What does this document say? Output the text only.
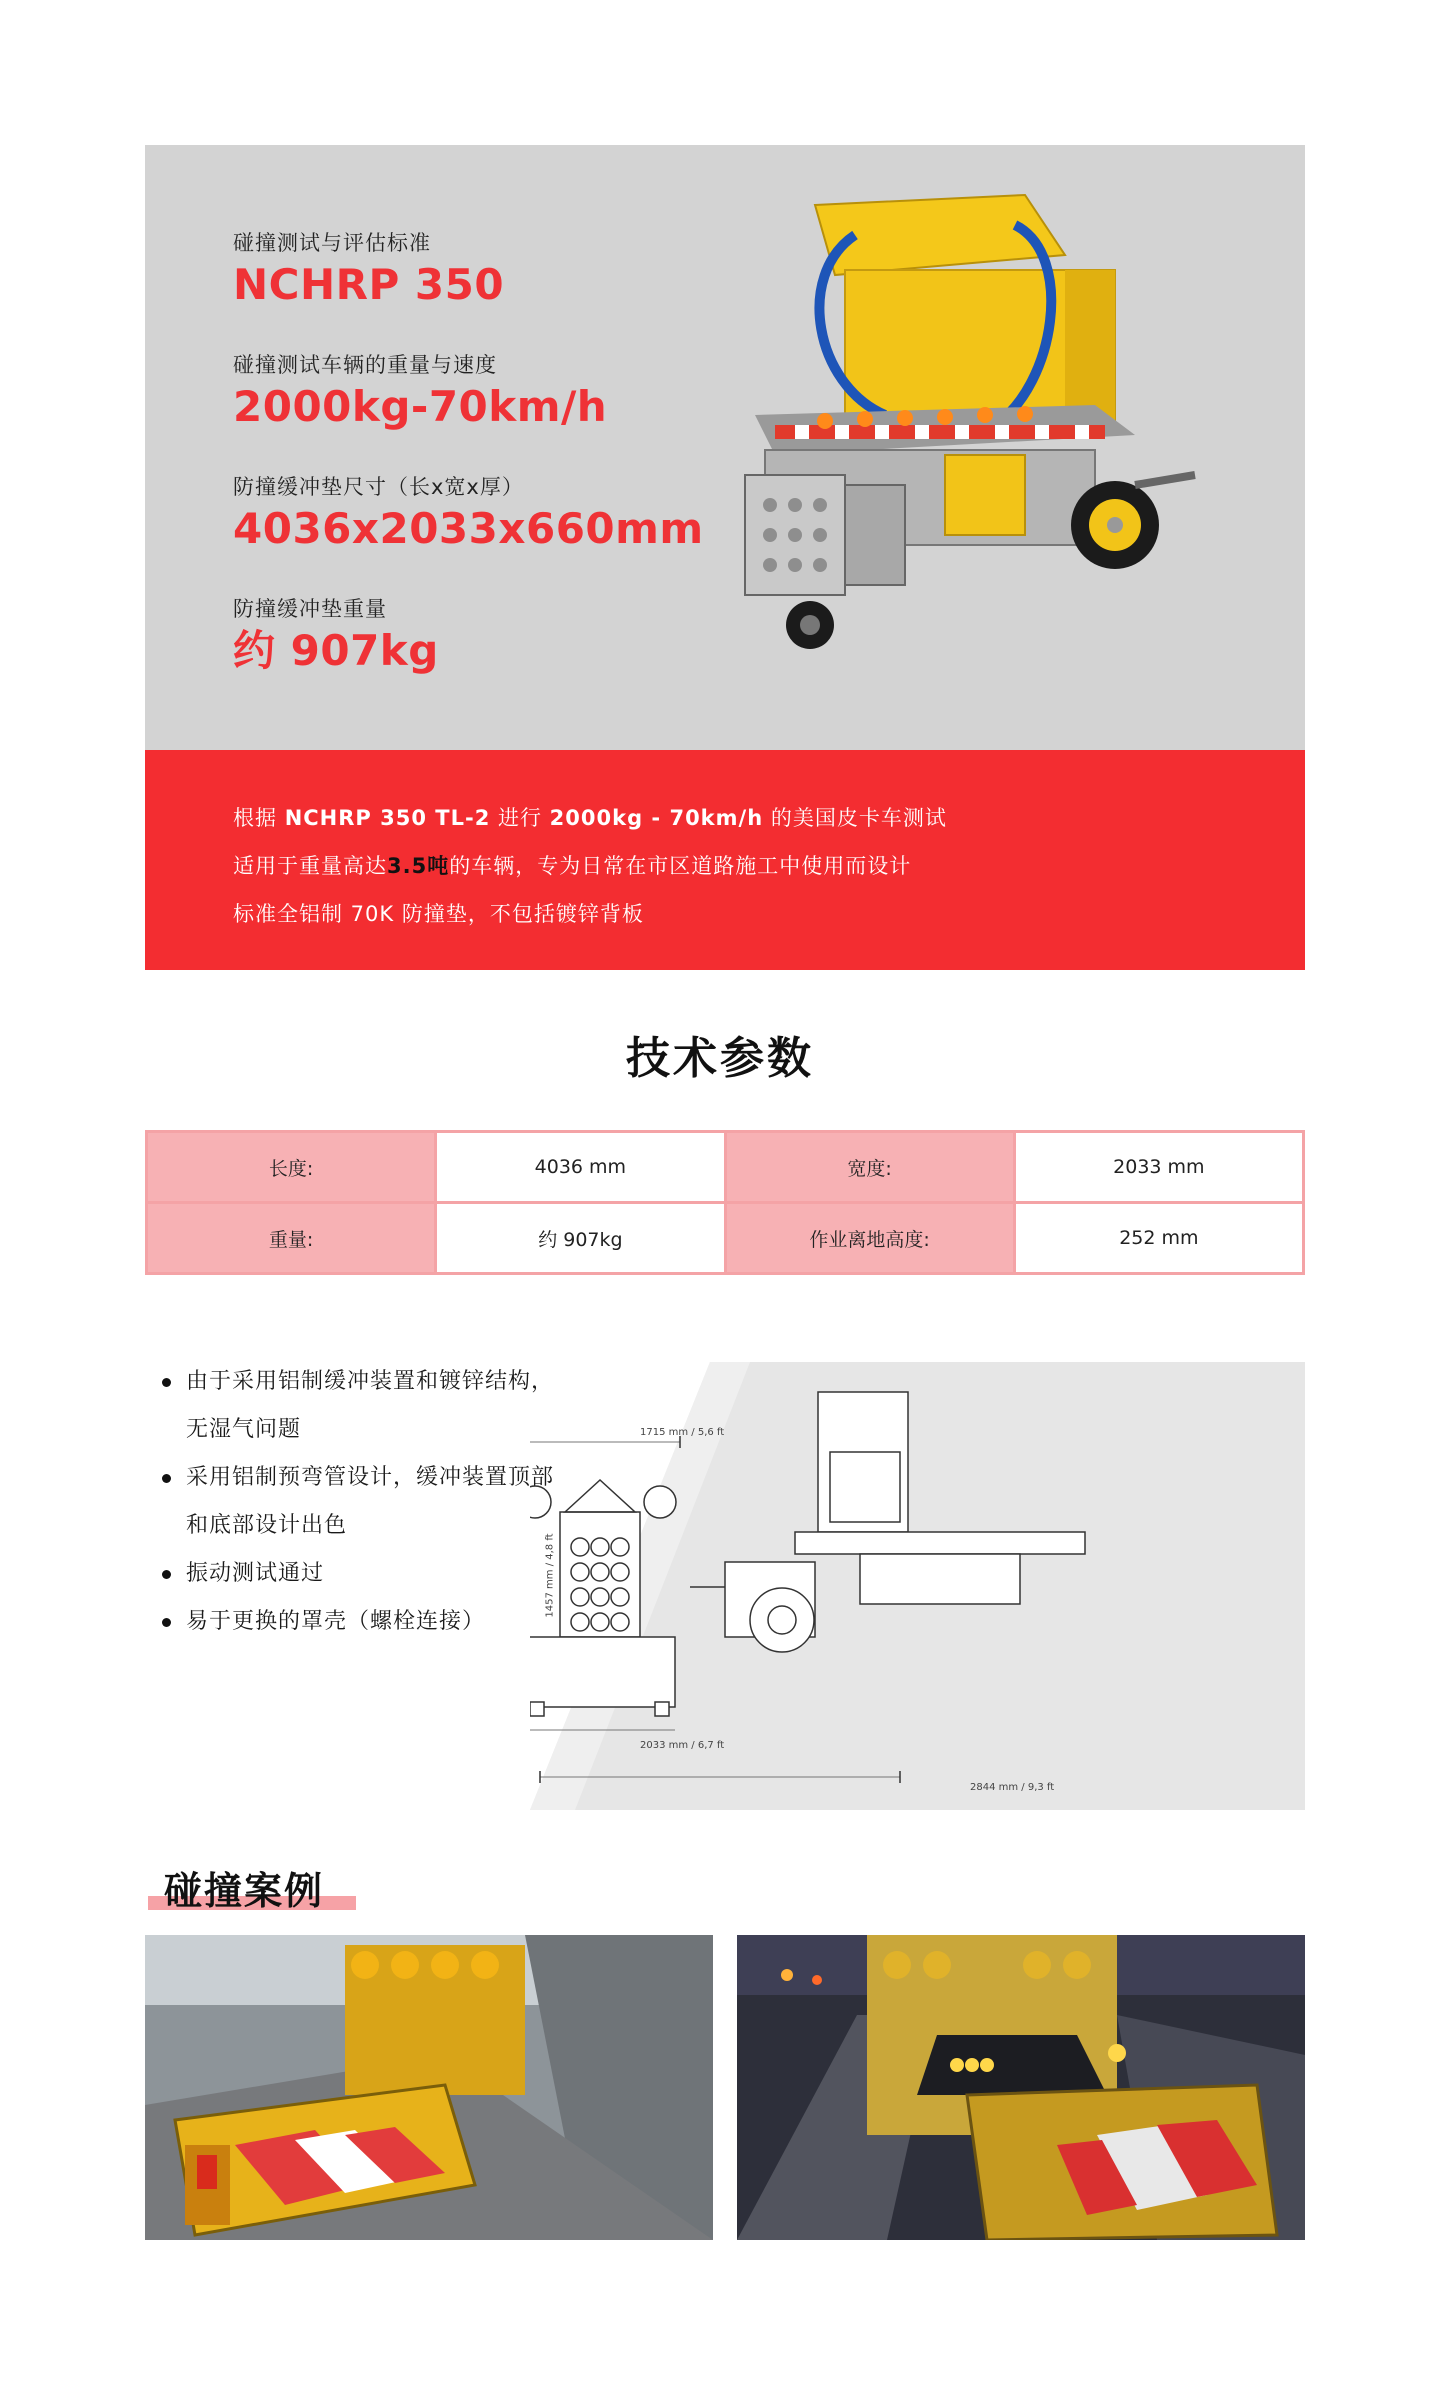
碰撞测试与评估标准
NCHRP 350
碰撞测试车辆的重量与速度
2000kg-70km/h
防撞缓冲垫尺寸（长x宽x厚）
4036x2033x660mm
防撞缓冲垫重量
约 907kg

根据 NCHRP 350 TL-2 进行 2000kg - 70km/h 的美国皮卡车测试

适用于重量高达3.5吨的车辆，专为日常在市区道路施工中使用而设计

标准全铝制 70K 防撞垫，不包括镀锌背板

技术参数
长度:	4036 mm	宽度:	2033 mm
重量:	约 907kg	作业离地高度:	252 mm
1715 mm / 5,6 ft
1457 mm / 4,8 ft
2033 mm / 6,7 ft
2844 mm / 9,3 ft
由于采用铝制缓冲装置和镀锌结构，
无湿气问题
采用铝制预弯管设计，缓冲装置顶部
和底部设计出色
振动测试通过
易于更换的罩壳（螺栓连接）
碰撞案例
